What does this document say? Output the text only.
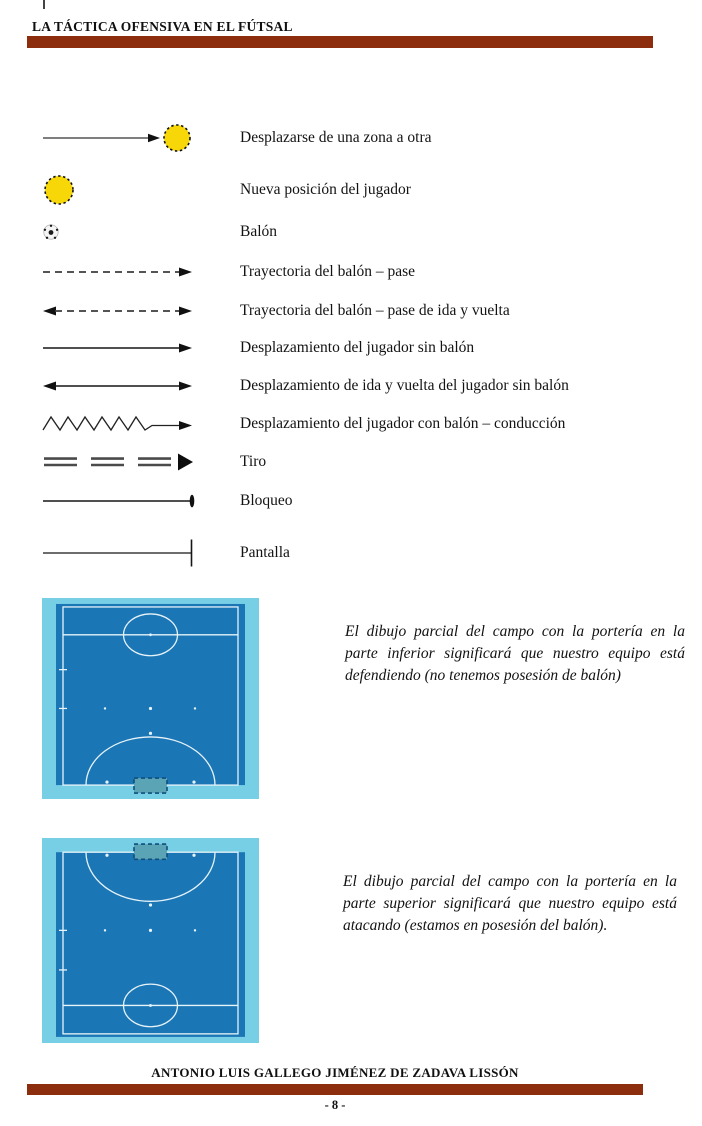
LA TÁCTICA OFENSIVA EN EL FÚTSAL
Desplazarse de una zona a otra
Nueva posición del jugador
Balón
Trayectoria del balón – pase
Trayectoria del balón – pase de ida y vuelta
Desplazamiento del jugador sin balón
Desplazamiento de ida y vuelta del jugador sin balón
Desplazamiento del jugador con balón – conducción
Tiro
Bloqueo
Pantalla

El dibujo parcial del campo con la portería en la parte inferior significará que nuestro equipo está defendiendo (no tenemos posesión de balón)

El dibujo parcial del campo con la portería en la parte superior significará que nuestro equipo está atacando (estamos en posesión del balón).

ANTONIO LUIS GALLEGO JIMÉNEZ DE ZADAVA LISSÓN
- 8 -
